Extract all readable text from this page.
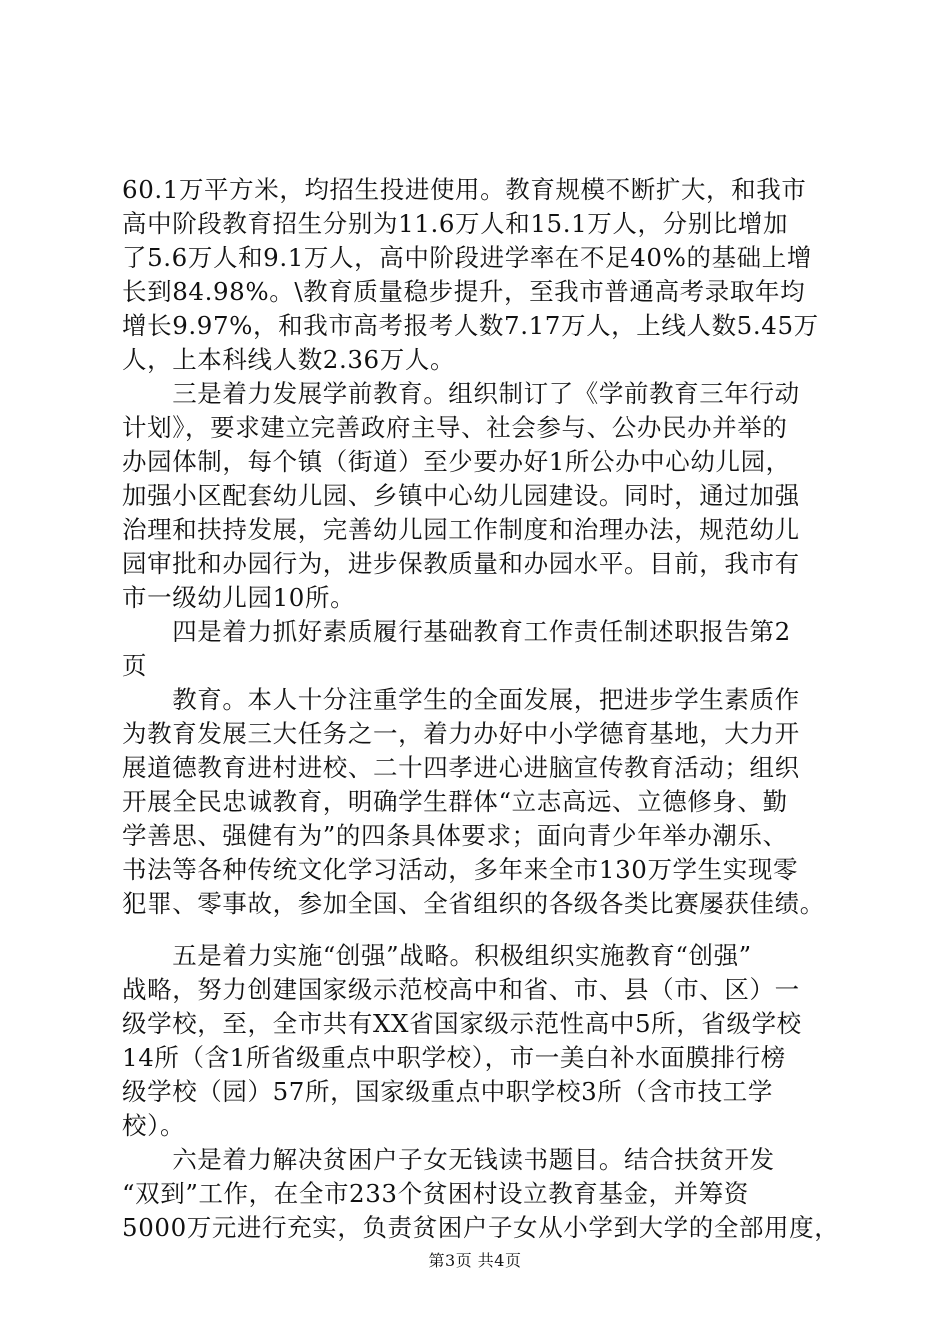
60.1万平方米，均招生投进使用。教育规模不断扩大，和我市
高中阶段教育招生分别为11.6万人和15.1万人，分别比增加
了5.6万人和9.1万人，高中阶段进学率在不足40%的基础上增
长到84.98%。\教育质量稳步提升，至我市普通高考录取年均
增长9.97%，和我市高考报考人数7.17万人，上线人数5.45万
人，上本科线人数2.36万人。
　　三是着力发展学前教育。组织制订了《学前教育三年行动
计划》，要求建立完善政府主导、社会参与、公办民办并举的
办园体制，每个镇（街道）至少要办好1所公办中心幼儿园，
加强小区配套幼儿园、乡镇中心幼儿园建设。同时，通过加强
治理和扶持发展，完善幼儿园工作制度和治理办法，规范幼儿
园审批和办园行为，进步保教质量和办园水平。目前，我市有
市一级幼儿园10所。
　　四是着力抓好素质履行基础教育工作责任制述职报告第2
页
　　教育。本人十分注重学生的全面发展，把进步学生素质作
为教育发展三大任务之一，着力办好中小学德育基地，大力开
展道德教育进村进校、二十四孝进心进脑宣传教育活动；组织
开展全民忠诚教育，明确学生群体“立志高远、立德修身、勤
学善思、强健有为”的四条具体要求；面向青少年举办潮乐、
书法等各种传统文化学习活动，多年来全市130万学生实现零
犯罪、零事故，参加全国、全省组织的各级各类比赛屡获佳绩。
　　五是着力实施“创强”战略。积极组织实施教育“创强”
战略，努力创建国家级示范校高中和省、市、县（市、区）一
级学校，至，全市共有XX省国家级示范性高中5所，省级学校
14所（含1所省级重点中职学校），市一美白补水面膜排行榜
级学校（园）57所，国家级重点中职学校3所（含市技工学
校）。
　　六是着力解决贫困户子女无钱读书题目。结合扶贫开发
“双到”工作，在全市233个贫困村设立教育基金，并筹资
5000万元进行充实，负责贫困户子女从小学到大学的全部用度，
第3页 共4页
